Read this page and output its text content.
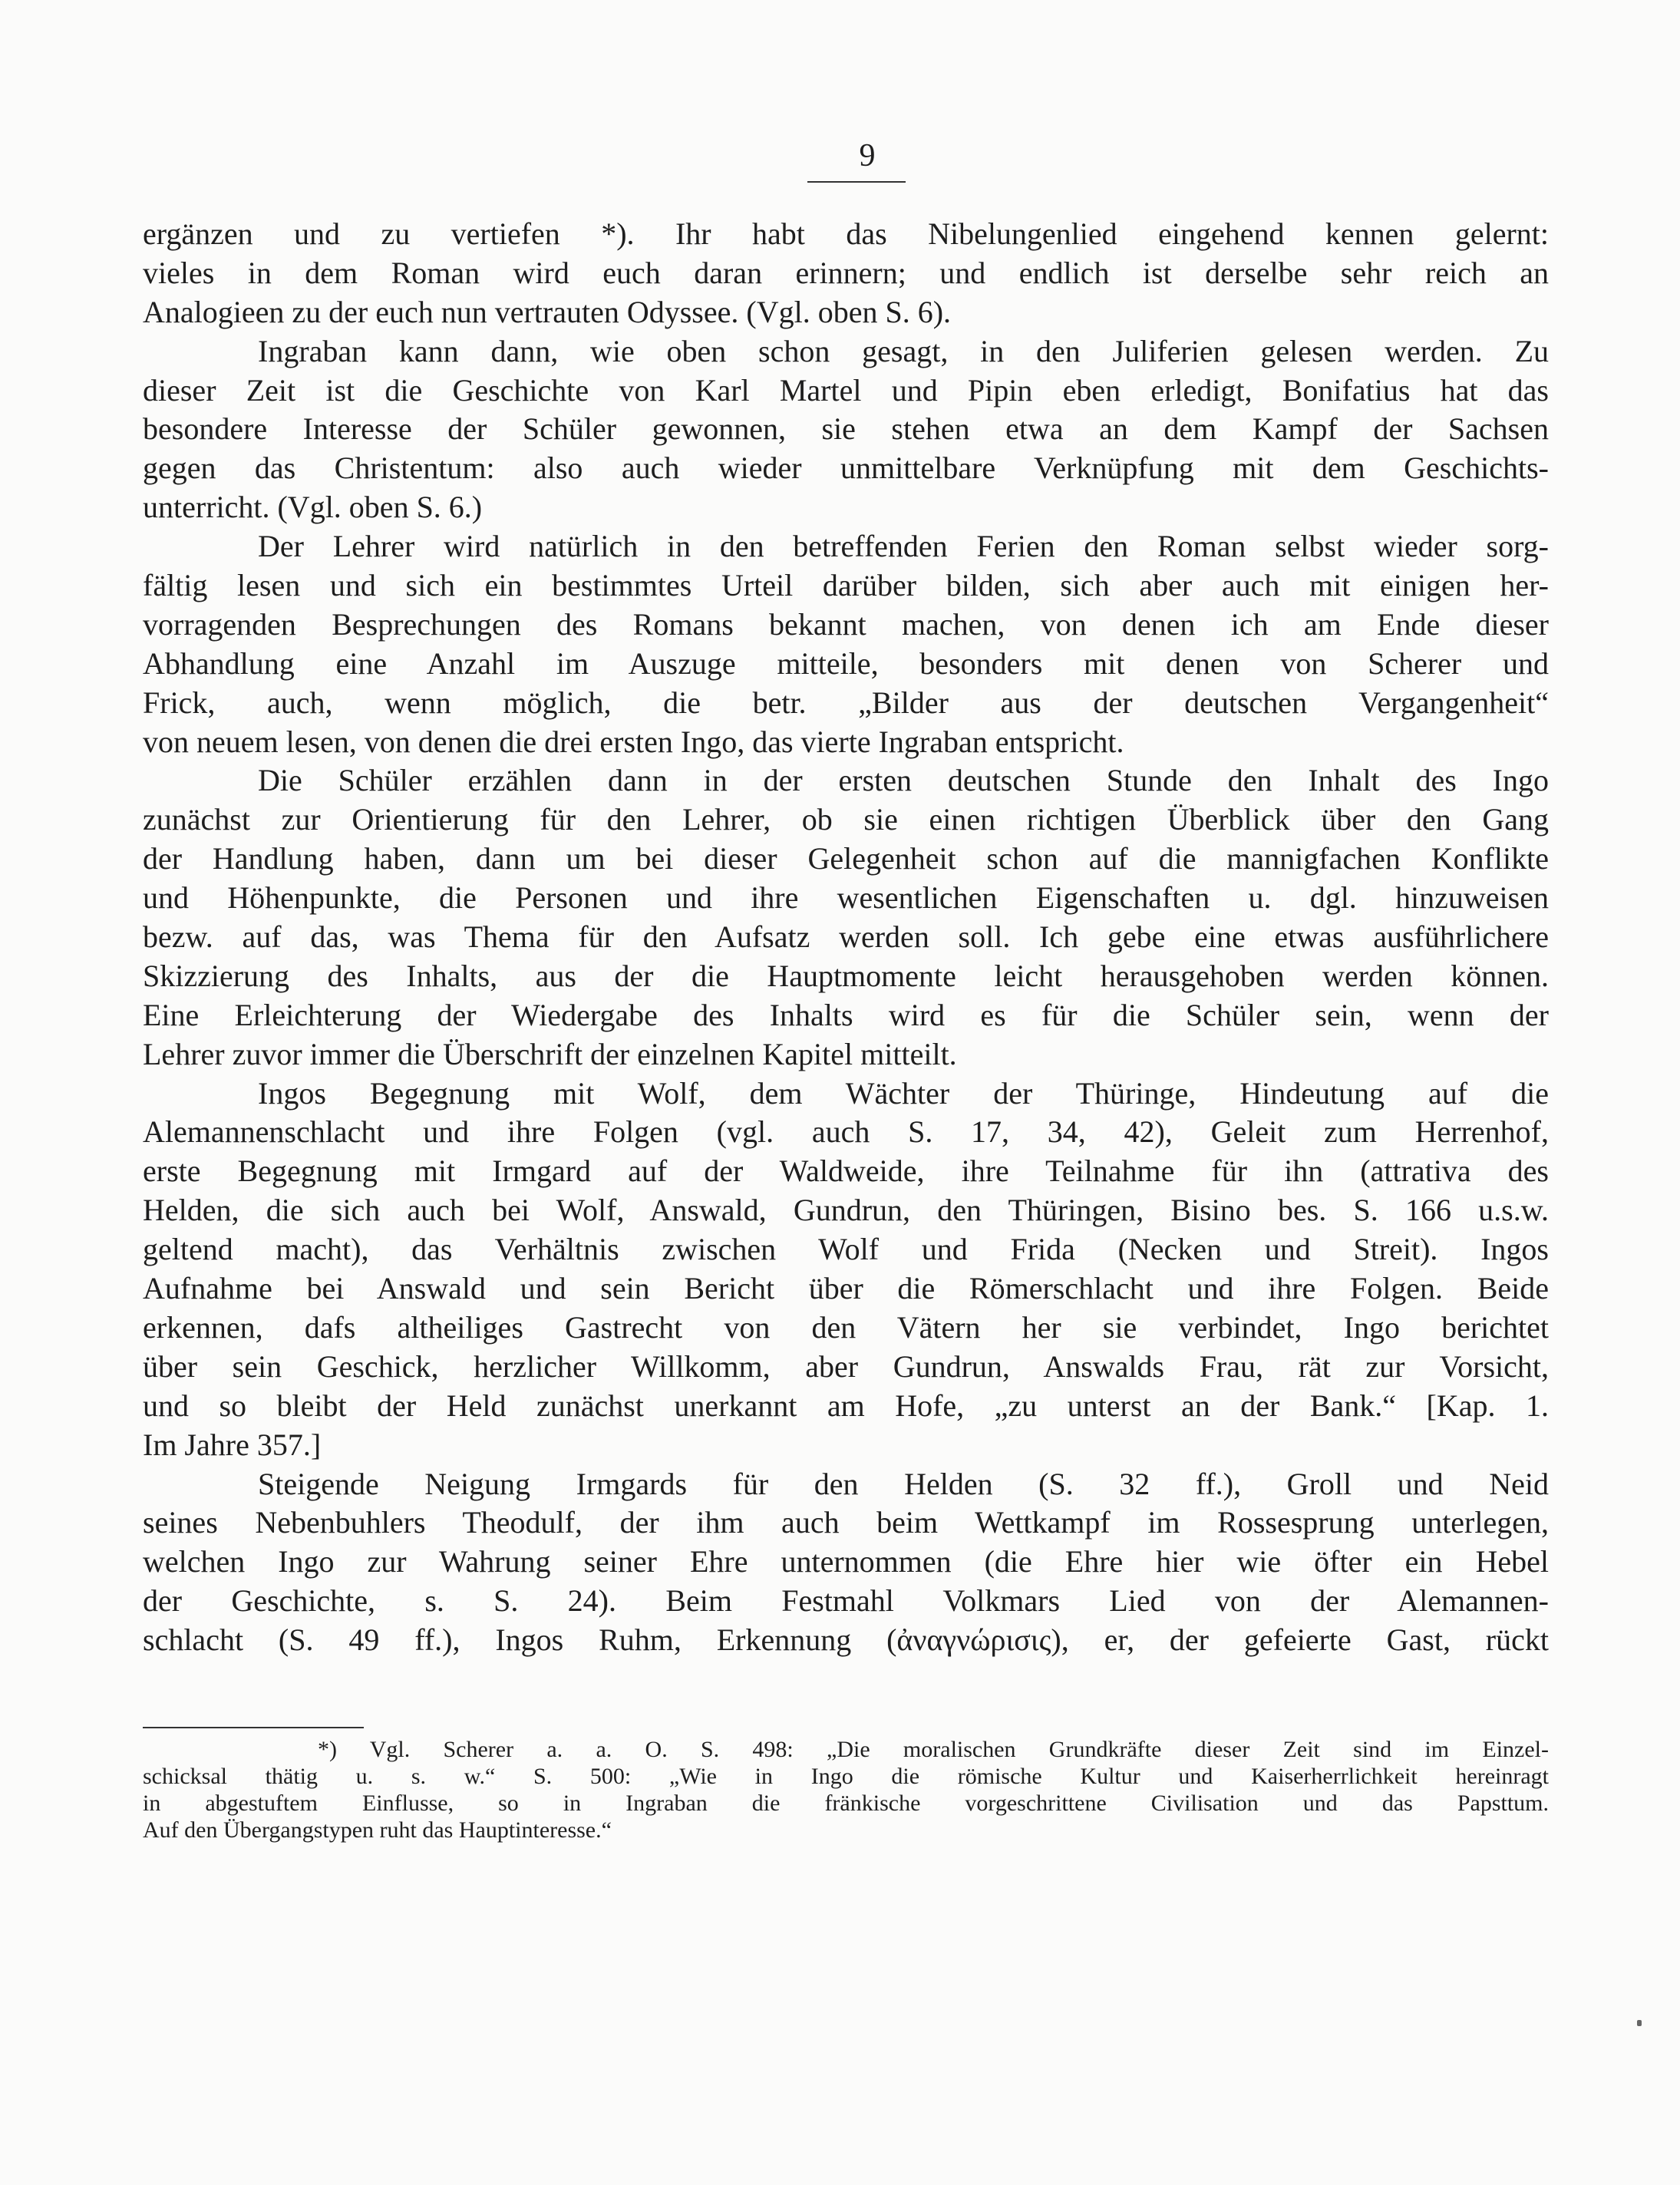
9
ergänzen und zu vertiefen *). Ihr habt das Nibelungenlied eingehend kennen gelernt:
vieles in dem Roman wird euch daran erinnern; und endlich ist derselbe sehr reich an
Analogieen zu der euch nun vertrauten Odyssee. (Vgl. oben S. 6).
Ingraban kann dann, wie oben schon gesagt, in den Juliferien gelesen werden. Zu
dieser Zeit ist die Geschichte von Karl Martel und Pipin eben erledigt, Bonifatius hat das
besondere Interesse der Schüler gewonnen, sie stehen etwa an dem Kampf der Sachsen
gegen das Christentum: also auch wieder unmittelbare Verknüpfung mit dem Geschichts-
unterricht. (Vgl. oben S. 6.)
Der Lehrer wird natürlich in den betreffenden Ferien den Roman selbst wieder sorg-
fältig lesen und sich ein bestimmtes Urteil darüber bilden, sich aber auch mit einigen her-
vorragenden Besprechungen des Romans bekannt machen, von denen ich am Ende dieser
Abhandlung eine Anzahl im Auszuge mitteile, besonders mit denen von Scherer und
Frick, auch, wenn möglich, die betr. „Bilder aus der deutschen Vergangenheit“
von neuem lesen, von denen die drei ersten Ingo, das vierte Ingraban entspricht.
Die Schüler erzählen dann in der ersten deutschen Stunde den Inhalt des Ingo
zunächst zur Orientierung für den Lehrer, ob sie einen richtigen Überblick über den Gang
der Handlung haben, dann um bei dieser Gelegenheit schon auf die mannigfachen Konflikte
und Höhenpunkte, die Personen und ihre wesentlichen Eigenschaften u. dgl. hinzuweisen
bezw. auf das, was Thema für den Aufsatz werden soll. Ich gebe eine etwas ausführlichere
Skizzierung des Inhalts, aus der die Hauptmomente leicht herausgehoben werden können.
Eine Erleichterung der Wiedergabe des Inhalts wird es für die Schüler sein, wenn der
Lehrer zuvor immer die Überschrift der einzelnen Kapitel mitteilt.
Ingos Begegnung mit Wolf, dem Wächter der Thüringe, Hindeutung auf die
Alemannenschlacht und ihre Folgen (vgl. auch S. 17, 34, 42), Geleit zum Herrenhof,
erste Begegnung mit Irmgard auf der Waldweide, ihre Teilnahme für ihn (attrativa des
Helden, die sich auch bei Wolf, Answald, Gundrun, den Thüringen, Bisino bes. S. 166 u.s.w.
geltend macht), das Verhältnis zwischen Wolf und Frida (Necken und Streit). Ingos
Aufnahme bei Answald und sein Bericht über die Römerschlacht und ihre Folgen. Beide
erkennen, dafs altheiliges Gastrecht von den Vätern her sie verbindet, Ingo berichtet
über sein Geschick, herzlicher Willkomm, aber Gundrun, Answalds Frau, rät zur Vorsicht,
und so bleibt der Held zunächst unerkannt am Hofe, „zu unterst an der Bank.“ [Kap. 1.
Im Jahre 357.]
Steigende Neigung Irmgards für den Helden (S. 32 ff.), Groll und Neid
seines Nebenbuhlers Theodulf, der ihm auch beim Wettkampf im Rossesprung unterlegen,
welchen Ingo zur Wahrung seiner Ehre unternommen (die Ehre hier wie öfter ein Hebel
der Geschichte, s. S. 24). Beim Festmahl Volkmars Lied von der Alemannen-
schlacht (S. 49 ff.), Ingos Ruhm, Erkennung (ἀναγνώρισις), er, der gefeierte Gast, rückt
*) Vgl. Scherer a. a. O. S. 498: „Die moralischen Grundkräfte dieser Zeit sind im Einzel-
schicksal thätig u. s. w.“ S. 500: „Wie in Ingo die römische Kultur und Kaiserherrlichkeit hereinragt
in abgestuftem Einflusse, so in Ingraban die fränkische vorgeschrittene Civilisation und das Papsttum.
Auf den Übergangstypen ruht das Hauptinteresse.“
